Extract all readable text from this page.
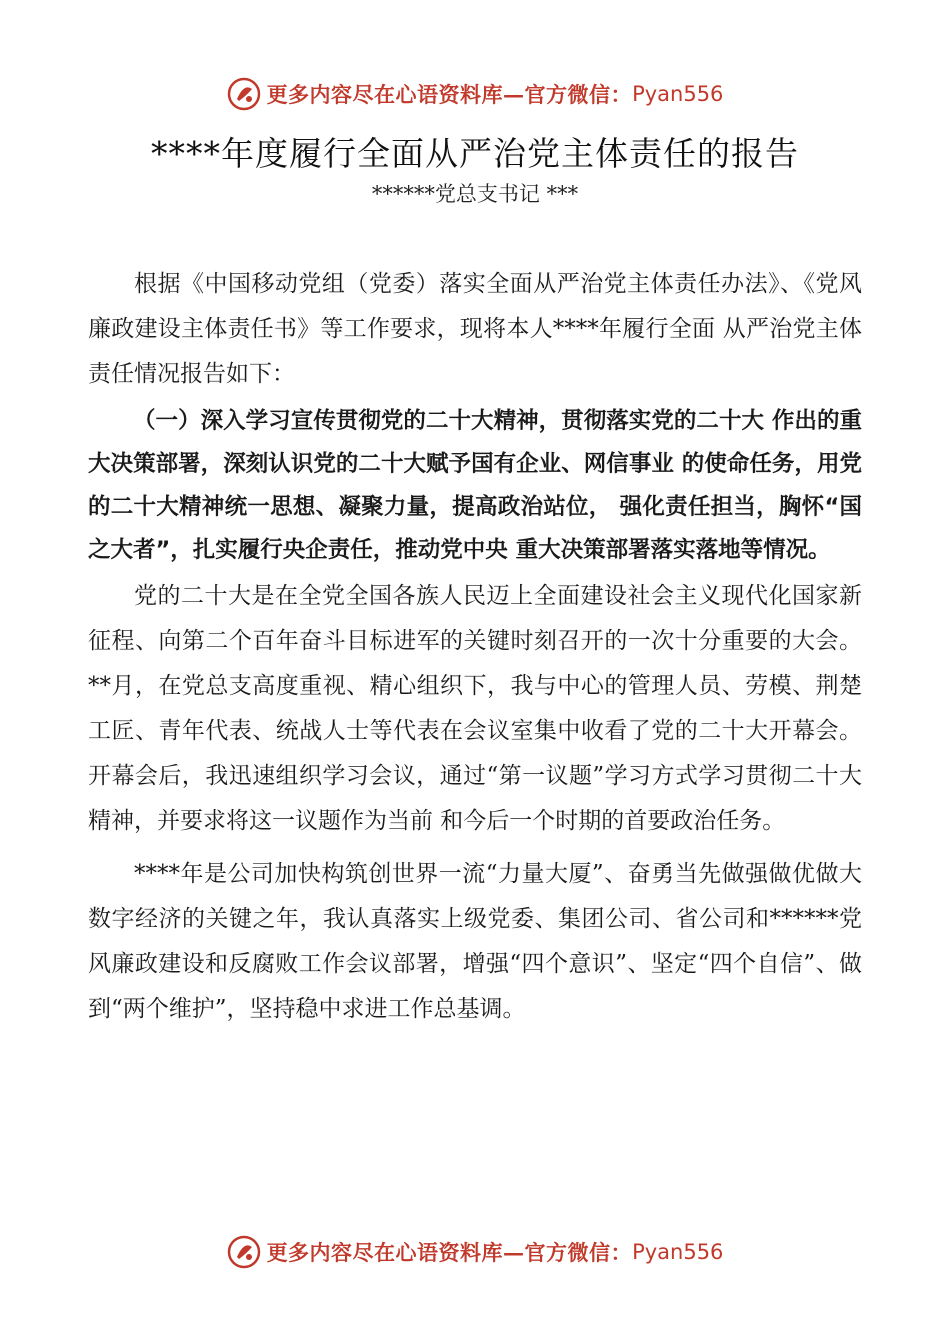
更多内容尽在心语资料库—官方微信： Pyan556
****年度履行全面从严治党主体责任的报告
******党总支书记 ***

根据《中国移动党组（党委）落实全面从严治党主体责任办法》、《党风廉政建设主体责任书》等工作要求，现将本人****年履行全面 从严治党主体责任情况报告如下：

（一）深入学习宣传贯彻党的二十大精神，贯彻落实党的二十大 作出的重大决策部署，深刻认识党的二十大赋予国有企业、网信事业 的使命任务，用党的二十大精神统一思想、凝聚力量，提高政治站位， 强化责任担当，胸怀“国之大者”，扎实履行央企责任，推动党中央 重大决策部署落实落地等情况。

党的二十大是在全党全国各族人民迈上全面建设社会主义现代化国家新征程、向第二个百年奋斗目标进军的关键时刻召开的一次十分重要的大会。**月，在党总支高度重视、精心组织下，我与中心的管理人员、劳模、荆楚工匠、青年代表、统战人士等代表在会议室集中收看了党的二十大开幕会。开幕会后，我迅速组织学习会议，通过“第一议题”学习方式学习贯彻二十大精神，并要求将这一议题作为当前 和今后一个时期的首要政治任务。

****年是公司加快构筑创世界一流“力量大厦”、奋勇当先做强做优做大数字经济的关键之年，我认真落实上级党委、集团公司、省公司和******党风廉政建设和反腐败工作会议部署，增强“四个意识”、坚定“四个自信”、做到“两个维护”，坚持稳中求进工作总基调。

更多内容尽在心语资料库—官方微信： Pyan556
